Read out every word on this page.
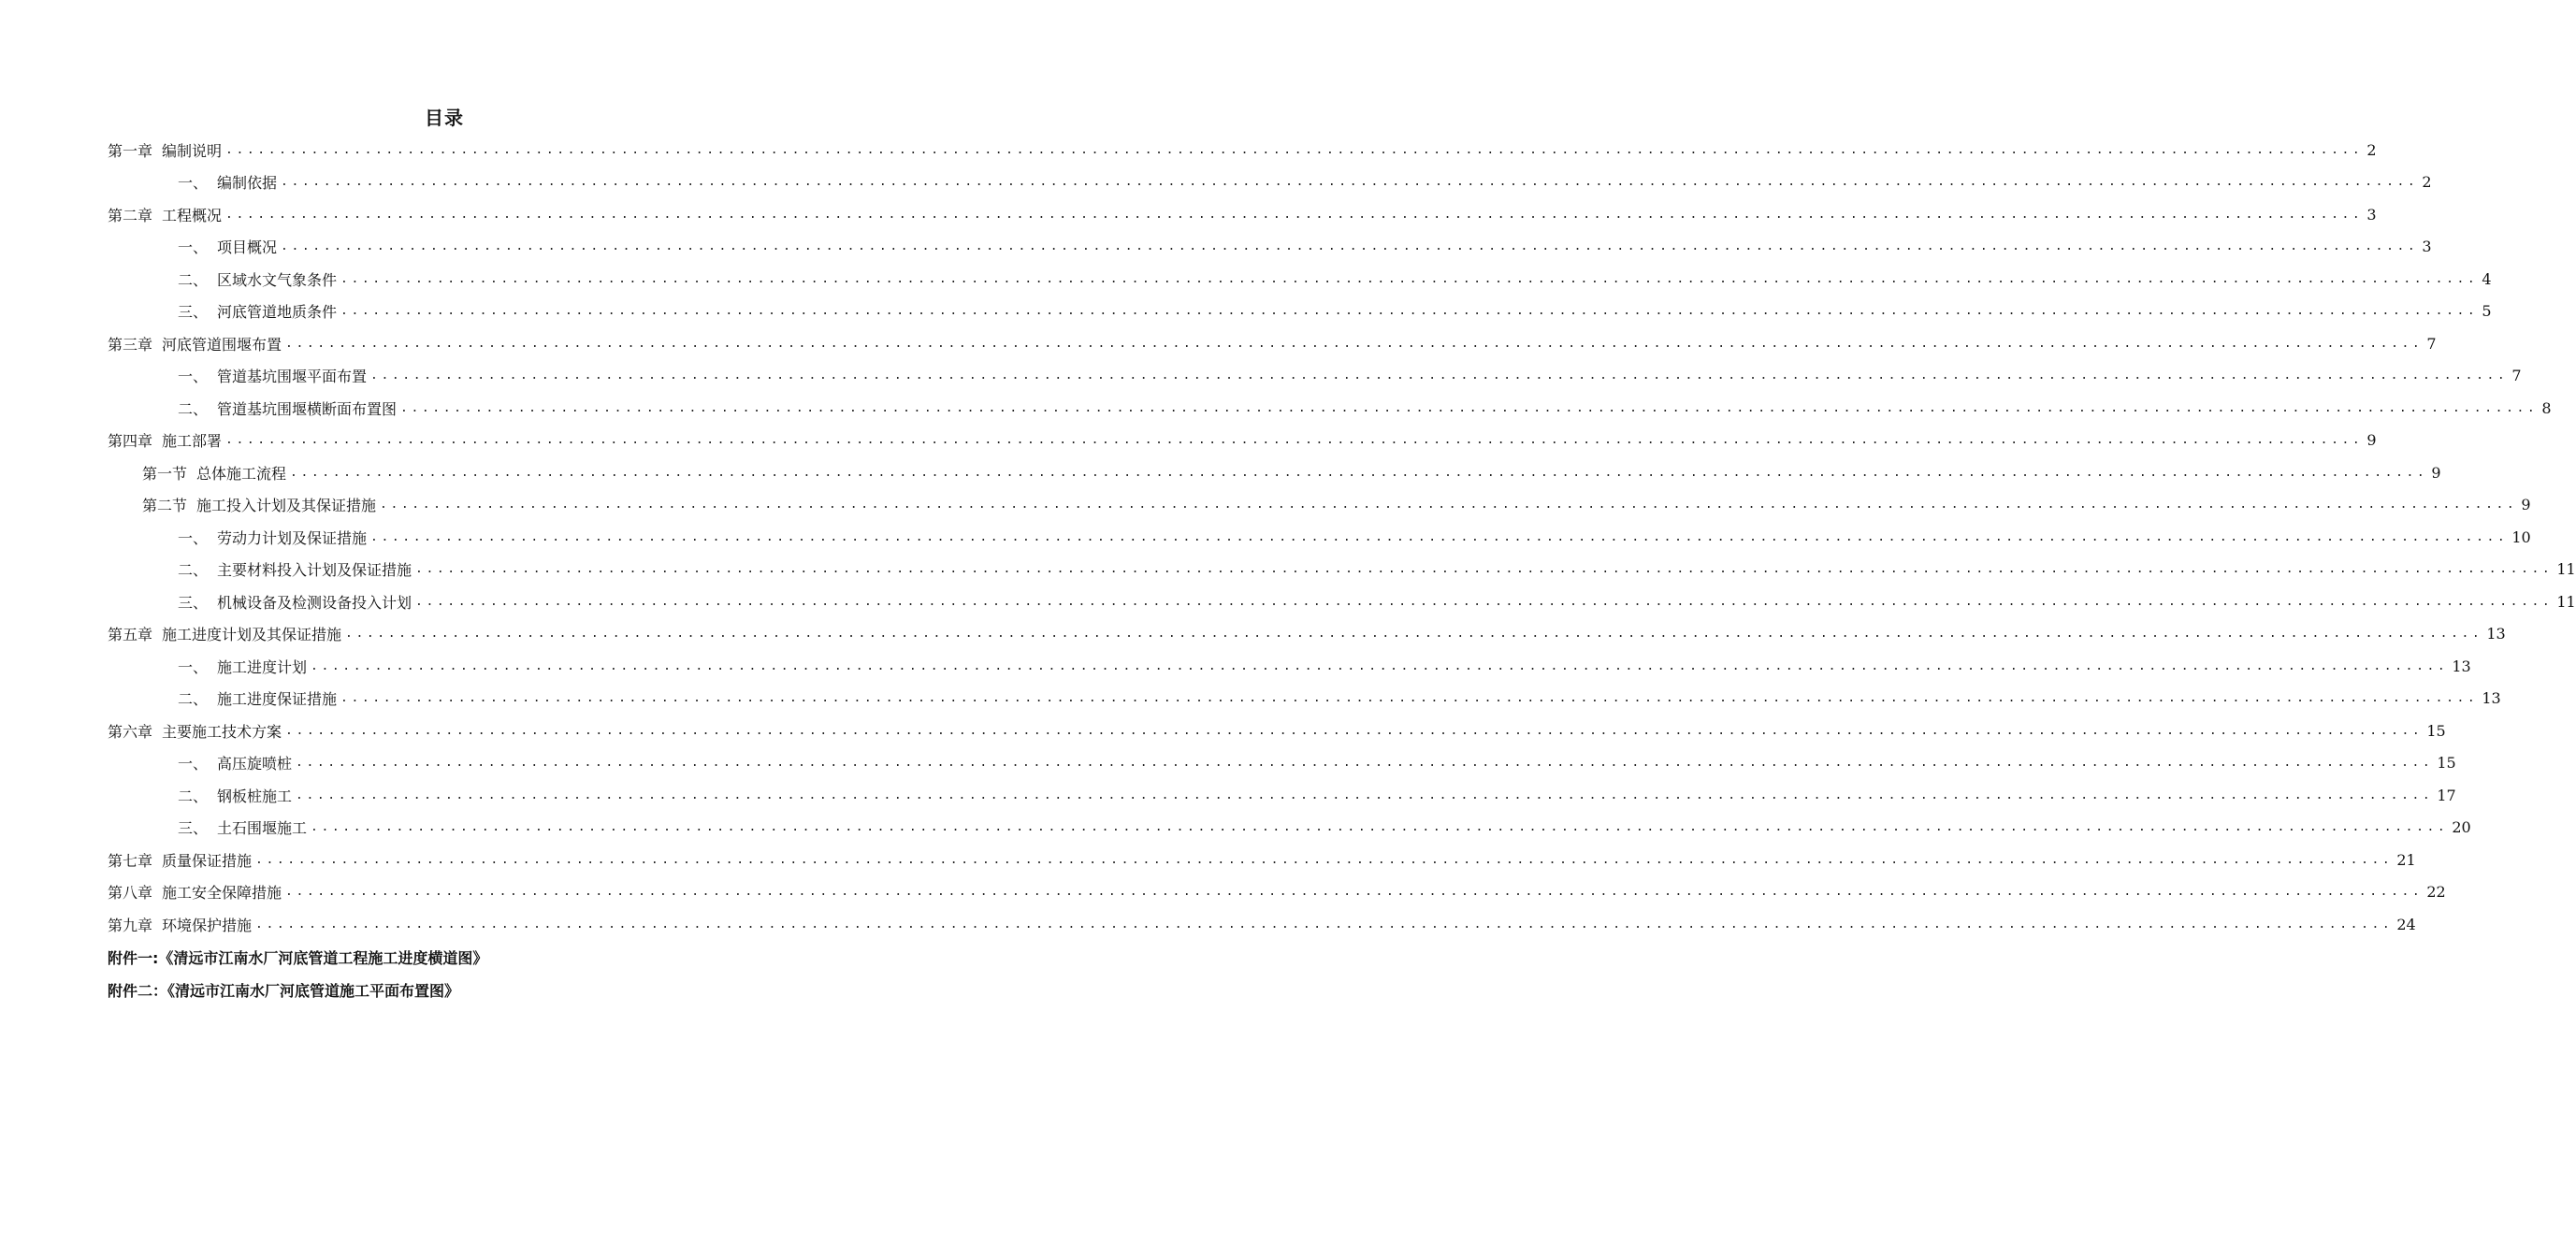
目录
第一章 编制说明 ........................................................................................................................................................................................................ 2
一、 编制依据 ........................................................................................................................................................................................................ 2
第二章 工程概况 ........................................................................................................................................................................................................ 3
一、 项目概况 ........................................................................................................................................................................................................ 3
二、 区域水文气象条件 ........................................................................................................................................................................................................ 4
三、 河底管道地质条件 ........................................................................................................................................................................................................ 5
第三章 河底管道围堰布置 ........................................................................................................................................................................................................ 7
一、 管道基坑围堰平面布置 ........................................................................................................................................................................................................ 7
二、 管道基坑围堰横断面布置图 ........................................................................................................................................................................................................ 8
第四章 施工部署 ........................................................................................................................................................................................................ 9
第一节 总体施工流程 ........................................................................................................................................................................................................ 9
第二节 施工投入计划及其保证措施 ........................................................................................................................................................................................................ 9
一、 劳动力计划及保证措施 ........................................................................................................................................................................................................ 10
二、 主要材料投入计划及保证措施 ........................................................................................................................................................................................................ 11
三、 机械设备及检测设备投入计划 ........................................................................................................................................................................................................ 11
第五章 施工进度计划及其保证措施 ........................................................................................................................................................................................................ 13
一、 施工进度计划 ........................................................................................................................................................................................................ 13
二、 施工进度保证措施 ........................................................................................................................................................................................................ 13
第六章 主要施工技术方案 ........................................................................................................................................................................................................ 15
一、 高压旋喷桩 ........................................................................................................................................................................................................ 15
二、 钢板桩施工 ........................................................................................................................................................................................................ 17
三、 土石围堰施工 ........................................................................................................................................................................................................ 20
第七章 质量保证措施 ........................................................................................................................................................................................................ 21
第八章 施工安全保障措施 ........................................................................................................................................................................................................ 22
第九章 环境保护措施 ........................................................................................................................................................................................................ 24
附件一:《清远市江南水厂河底管道工程施工进度横道图》
附件二：《清远市江南水厂河底管道施工平面布置图》
